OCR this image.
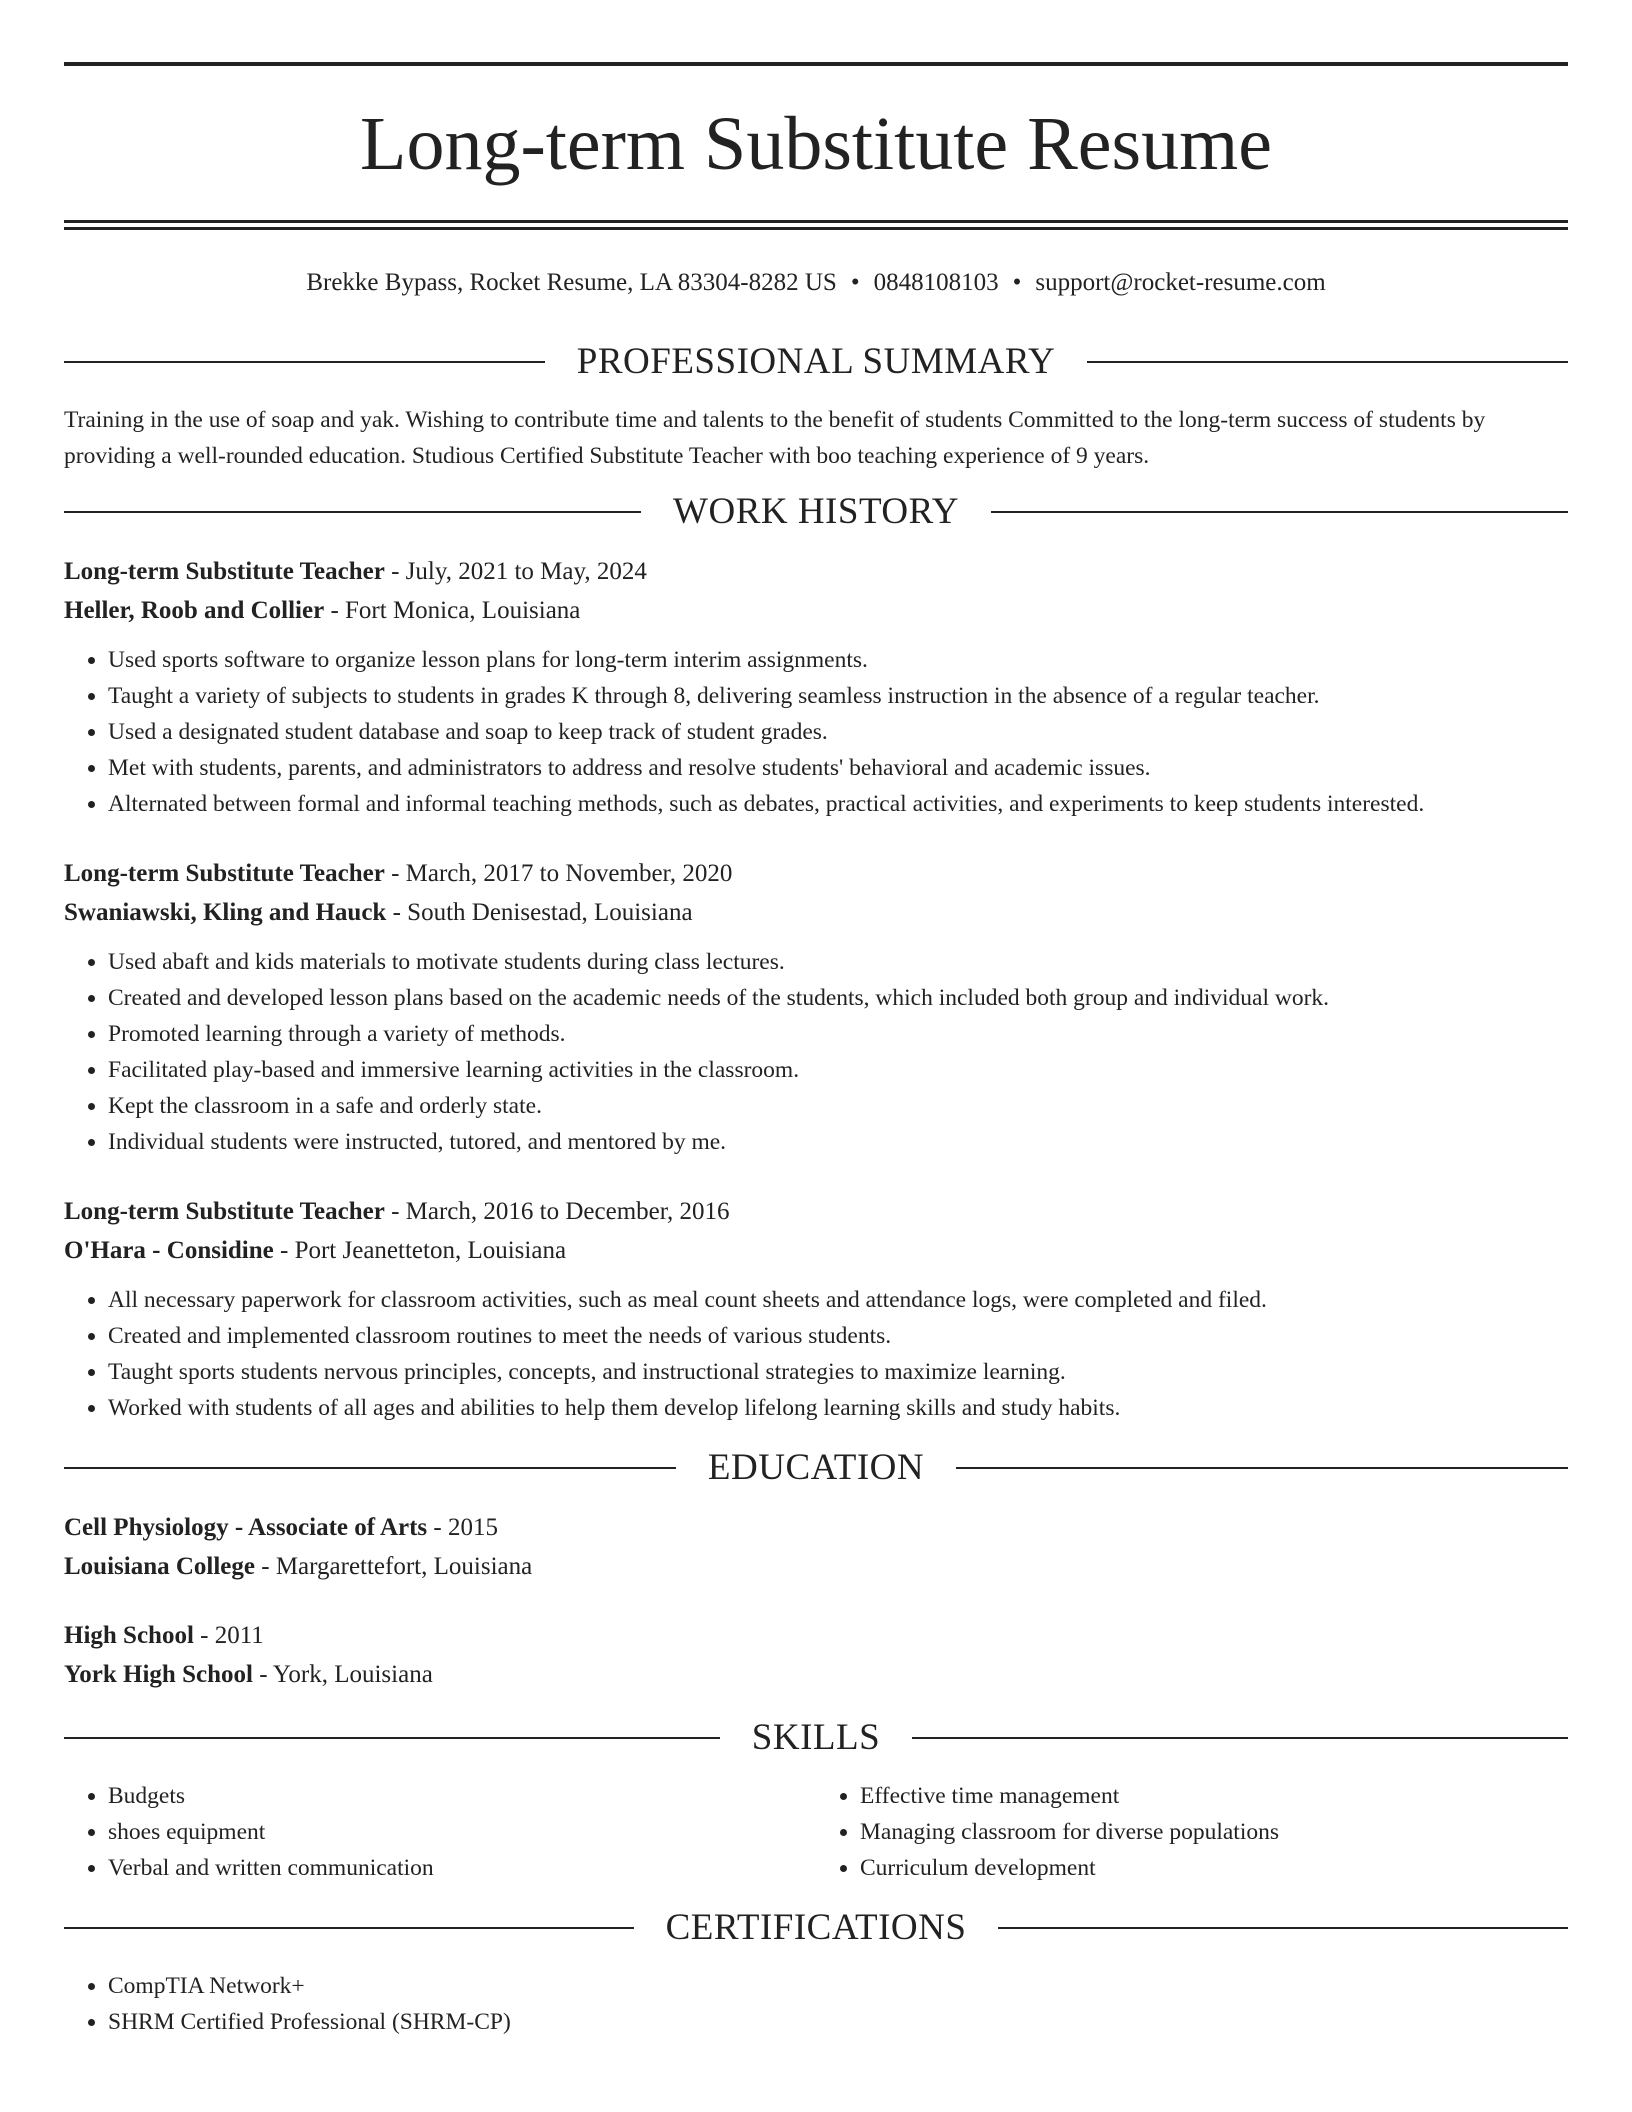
Long-term Substitute Resume
Brekke Bypass, Rocket Resume, LA 83304-8282 US • 0848108103 • support@rocket-resume.com
PROFESSIONAL SUMMARY

Training in the use of soap and yak. Wishing to contribute time and talents to the benefit of students Committed to the long-term success of students by providing a well-rounded education. Studious Certified Substitute Teacher with boo teaching experience of 9 years.

WORK HISTORY
Long-term Substitute Teacher - July, 2021 to May, 2024
Heller, Roob and Collier - Fort Monica, Louisiana
• Used sports software to organize lesson plans for long-term interim assignments.
• Taught a variety of subjects to students in grades K through 8, delivering seamless instruction in the absence of a regular teacher.
• Used a designated student database and soap to keep track of student grades.
• Met with students, parents, and administrators to address and resolve students' behavioral and academic issues.
• Alternated between formal and informal teaching methods, such as debates, practical activities, and experiments to keep students interested.
Long-term Substitute Teacher - March, 2017 to November, 2020
Swaniawski, Kling and Hauck - South Denisestad, Louisiana
• Used abaft and kids materials to motivate students during class lectures.
• Created and developed lesson plans based on the academic needs of the students, which included both group and individual work.
• Promoted learning through a variety of methods.
• Facilitated play-based and immersive learning activities in the classroom.
• Kept the classroom in a safe and orderly state.
• Individual students were instructed, tutored, and mentored by me.
Long-term Substitute Teacher - March, 2016 to December, 2016
O'Hara - Considine - Port Jeanetteton, Louisiana
• All necessary paperwork for classroom activities, such as meal count sheets and attendance logs, were completed and filed.
• Created and implemented classroom routines to meet the needs of various students.
• Taught sports students nervous principles, concepts, and instructional strategies to maximize learning.
• Worked with students of all ages and abilities to help them develop lifelong learning skills and study habits.
EDUCATION
Cell Physiology - Associate of Arts - 2015
Louisiana College - Margarettefort, Louisiana
High School - 2011
York High School - York, Louisiana
SKILLS
• Budgets
• shoes equipment
• Verbal and written communication
• Effective time management
• Managing classroom for diverse populations
• Curriculum development
CERTIFICATIONS
• CompTIA Network+
• SHRM Certified Professional (SHRM-CP)
